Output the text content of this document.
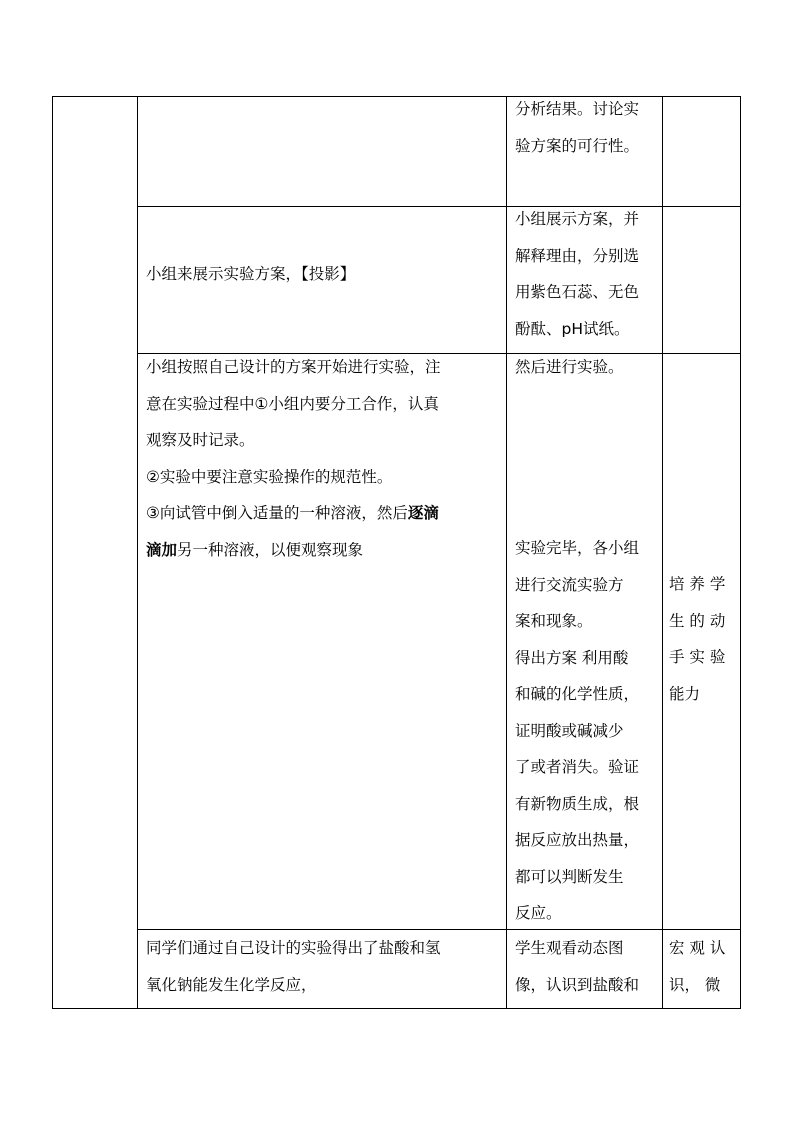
分析结果。讨论实
验方案的可行性。
小组展示方案，并
解释理由，分别选
用紫色石蕊、无色
酚酞、pH试纸。
小组来展示实验方案，【投影】
小组按照自己设计的方案开始进行实验，注
意在实验过程中①小组内要分工合作，认真
观察及时记录。
②实验中要注意实验操作的规范性。
③向试管中倒入适量的一种溶液，然后逐滴
滴加另一种溶液，以便观察现象
然后进行实验。
实验完毕，各小组
进行交流实验方
案和现象。
得出方案 利用酸
和碱的化学性质，
证明酸或碱减少
了或者消失。验证
有新物质生成，根
据反应放出热量，
都可以判断发生
反应。
培 养 学
生 的 动
手 实 验
能力
同学们通过自己设计的实验得出了盐酸和氢
氧化钠能发生化学反应，
学生观看动态图
像，认识到盐酸和
宏 观 认
识， 微
